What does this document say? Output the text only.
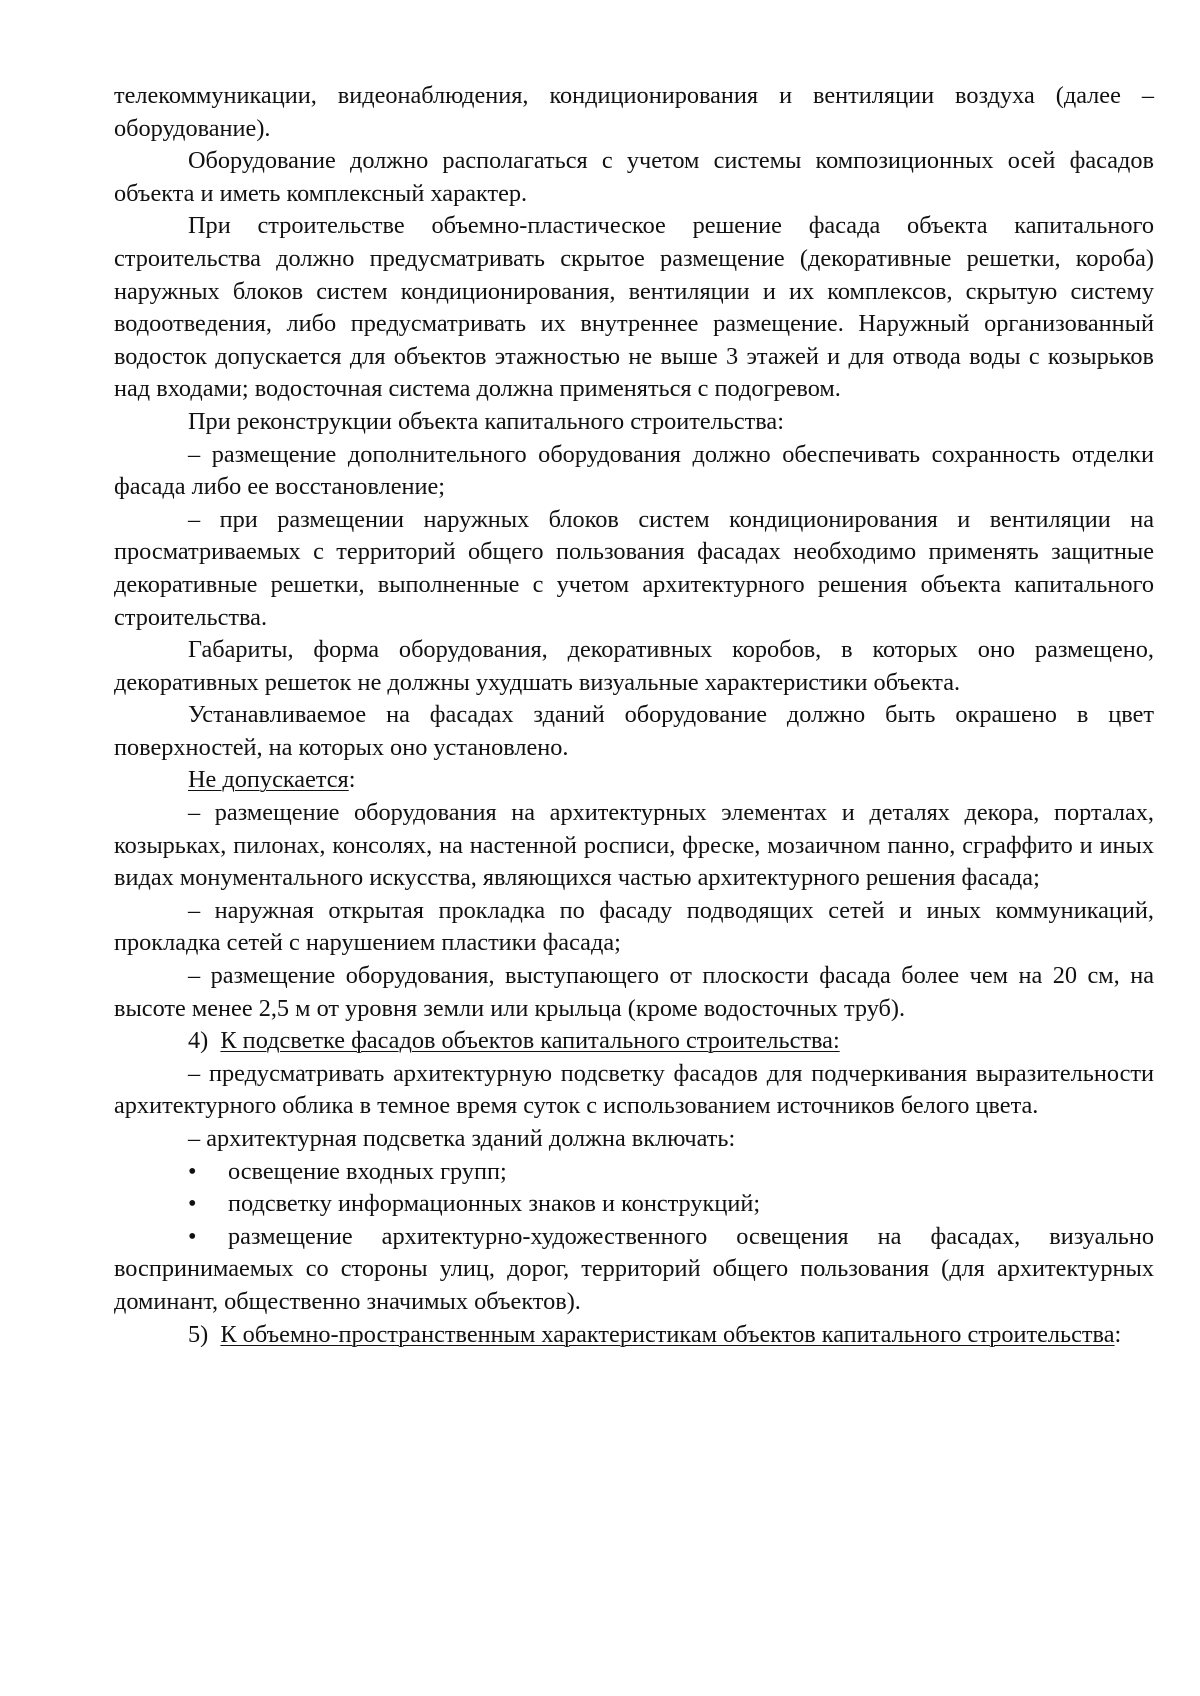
телекоммуникации, видеонаблюдения, кондиционирования и вентиляции воздуха (далее – оборудование).

Оборудование должно располагаться с учетом системы композиционных осей фасадов объекта и иметь комплексный характер.

При строительстве объемно-пластическое решение фасада объекта капитального строительства должно предусматривать скрытое размещение (декоративные решетки, короба) наружных блоков систем кондиционирования, вентиляции и их комплексов, скрытую систему водоотведения, либо предусматривать их внутреннее размещение. Наружный организованный водосток допускается для объектов этажностью не выше 3 этажей и для отвода воды с козырьков над входами; водосточная система должна применяться с подогревом.

При реконструкции объекта капитального строительства:

– размещение дополнительного оборудования должно обеспечивать сохранность отделки фасада либо ее восстановление;

– при размещении наружных блоков систем кондиционирования и вентиляции на просматриваемых с территорий общего пользования фасадах необходимо применять защитные декоративные решетки, выполненные с учетом архитектурного решения объекта капитального строительства.

Габариты, форма оборудования, декоративных коробов, в которых оно размещено, декоративных решеток не должны ухудшать визуальные характеристики объекта.

Устанавливаемое на фасадах зданий оборудование должно быть окрашено в цвет поверхностей, на которых оно установлено.

Не допускается:

– размещение оборудования на архитектурных элементах и деталях декора, порталах, козырьках, пилонах, консолях, на настенной росписи, фреске, мозаичном панно, сграффито и иных видах монументального искусства, являющихся частью архитектурного решения фасада;

– наружная открытая прокладка по фасаду подводящих сетей и иных коммуникаций, прокладка сетей с нарушением пластики фасада;

– размещение оборудования, выступающего от плоскости фасада более чем на 20 см, на высоте менее 2,5 м от уровня земли или крыльца (кроме водосточных труб).

4) К подсветке фасадов объектов капитального строительства:

– предусматривать архитектурную подсветку фасадов для подчеркивания выразительности архитектурного облика в темное время суток с использованием источников белого цвета.

– архитектурная подсветка зданий должна включать:

• освещение входных групп;

• подсветку информационных знаков и конструкций;

• размещение архитектурно-художественного освещения на фасадах, визуально воспринимаемых со стороны улиц, дорог, территорий общего пользования (для архитектурных доминант, общественно значимых объектов).

5) К объемно-пространственным характеристикам объектов капитального строительства:
